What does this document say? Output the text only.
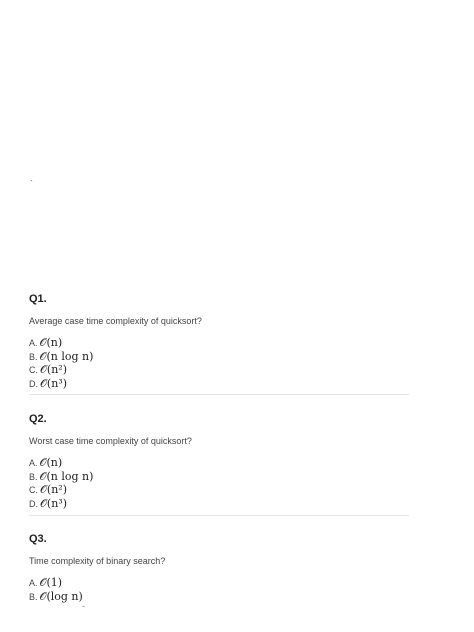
`
Q1.
Average case time complexity of quicksort?
A. 𝒪(n)
B. 𝒪(n log n)
C. 𝒪(n²)
D. 𝒪(n³)
Q2.
Worst case time complexity of quicksort?
A. 𝒪(n)
B. 𝒪(n log n)
C. 𝒪(n²)
D. 𝒪(n³)
Q3.
Time complexity of binary search?
A. 𝒪(1)
B. 𝒪(log n)
-
